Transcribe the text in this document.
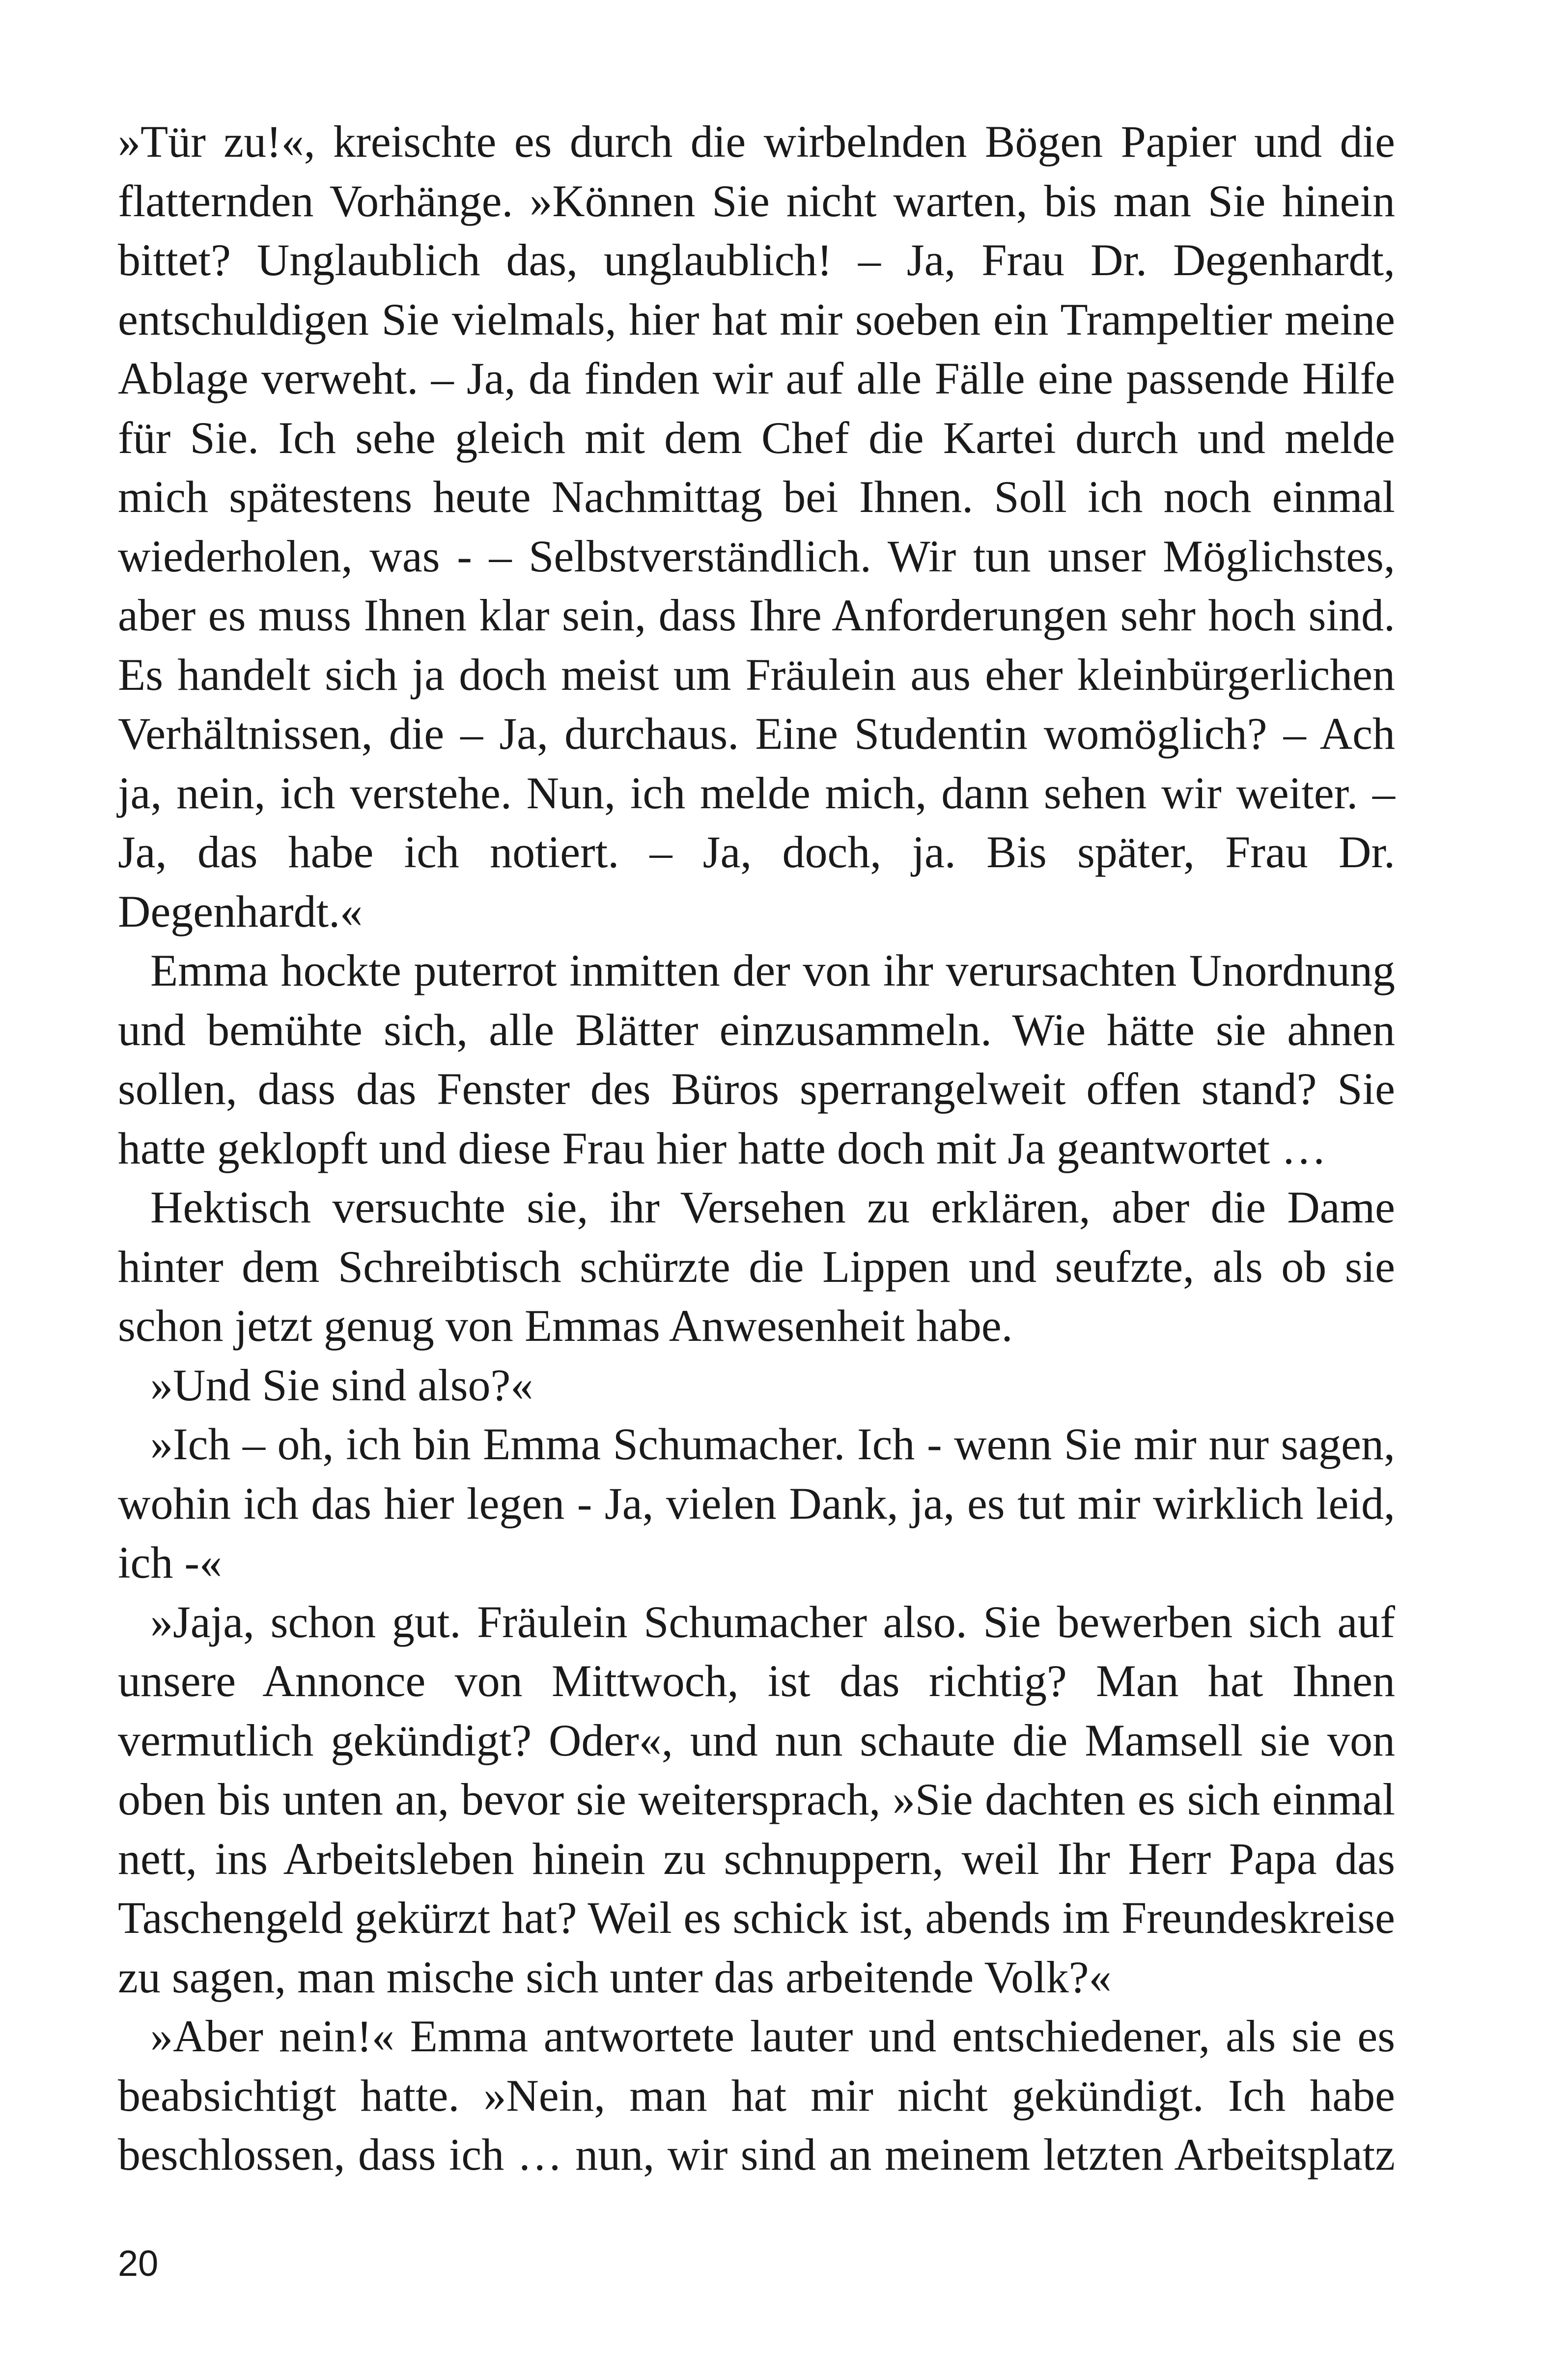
»Tür zu!«, kreischte es durch die wirbelnden Bögen Papier und die flatternden Vorhänge. »Können Sie nicht warten, bis man Sie hinein bittet? Unglaublich das, unglaublich! – Ja, Frau Dr. Degenhardt, entschuldigen Sie vielmals, hier hat mir soeben ein Trampeltier meine Ablage verweht. – Ja, da finden wir auf alle Fälle eine passende Hilfe für Sie. Ich sehe gleich mit dem Chef die Kartei durch und melde mich spätestens heute Nachmittag bei Ihnen. Soll ich noch einmal wiederholen, was - – Selbstverständlich. Wir tun unser Möglichstes, aber es muss Ihnen klar sein, dass Ihre Anforderungen sehr hoch sind. Es handelt sich ja doch meist um Fräulein aus eher kleinbürgerlichen Verhältnissen, die – Ja, durchaus. Eine Studentin womöglich? – Ach ja, nein, ich verstehe. Nun, ich melde mich, dann sehen wir weiter. – Ja, das habe ich notiert. – Ja, doch, ja. Bis später, Frau Dr. Degenhardt.«

Emma hockte puterrot inmitten der von ihr verursachten Unordnung und bemühte sich, alle Blätter einzusammeln. Wie hätte sie ahnen sollen, dass das Fenster des Büros sperrangelweit offen stand? Sie hatte geklopft und diese Frau hier hatte doch mit Ja geantwortet …

Hektisch versuchte sie, ihr Versehen zu erklären, aber die Dame hinter dem Schreibtisch schürzte die Lippen und seufzte, als ob sie schon jetzt genug von Emmas Anwesenheit habe.

»Und Sie sind also?«

»Ich – oh, ich bin Emma Schumacher. Ich - wenn Sie mir nur sagen, wohin ich das hier legen - Ja, vielen Dank, ja, es tut mir wirklich leid, ich -«

»Jaja, schon gut. Fräulein Schumacher also. Sie bewerben sich auf unsere Annonce von Mittwoch, ist das richtig? Man hat Ihnen vermutlich gekündigt? Oder«, und nun schaute die Mamsell sie von oben bis unten an, bevor sie weitersprach, »Sie dachten es sich einmal nett, ins Arbeitsleben hinein zu schnuppern, weil Ihr Herr Papa das Taschengeld gekürzt hat? Weil es schick ist, abends im Freundeskreise zu sagen, man mische sich unter das arbeitende Volk?«

»Aber nein!« Emma antwortete lauter und entschiedener, als sie es beabsichtigt hatte. »Nein, man hat mir nicht gekündigt. Ich habe beschlossen, dass ich … nun, wir sind an meinem letzten Arbeitsplatz

20
